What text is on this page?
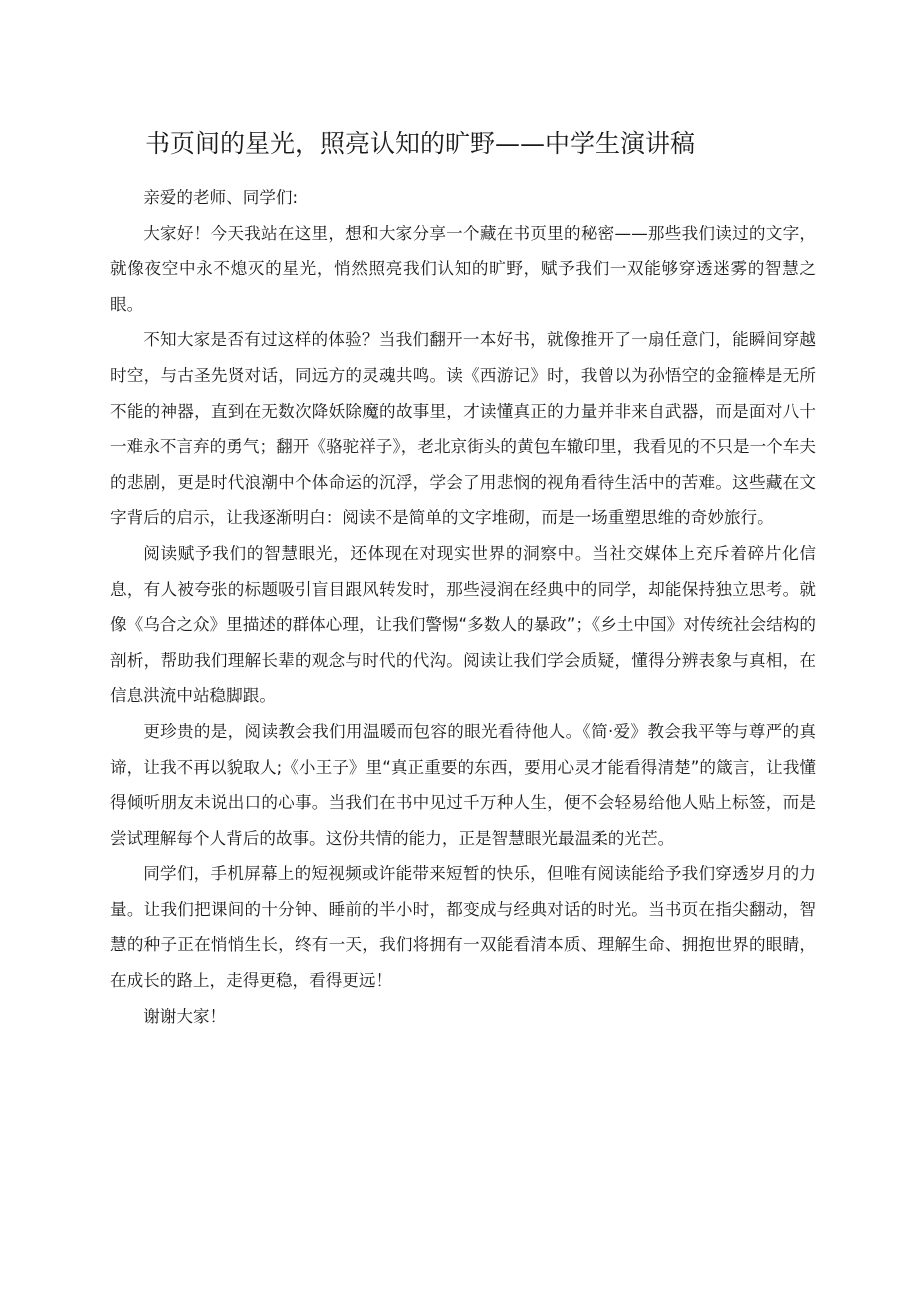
书页间的星光，照亮认知的旷野——中学生演讲稿

亲爱的老师、同学们:

大家好！今天我站在这里，想和大家分享一个藏在书页里的秘密——那些我们读过的文字，就像夜空中永不熄灭的星光，悄然照亮我们认知的旷野，赋予我们一双能够穿透迷雾的智慧之眼。

不知大家是否有过这样的体验？当我们翻开一本好书，就像推开了一扇任意门，能瞬间穿越时空，与古圣先贤对话，同远方的灵魂共鸣。读《西游记》时，我曾以为孙悟空的金箍棒是无所不能的神器，直到在无数次降妖除魔的故事里，才读懂真正的力量并非来自武器，而是面对八十一难永不言弃的勇气；翻开《骆驼祥子》，老北京街头的黄包车辙印里，我看见的不只是一个车夫的悲剧，更是时代浪潮中个体命运的沉浮，学会了用悲悯的视角看待生活中的苦难。这些藏在文字背后的启示，让我逐渐明白：阅读不是简单的文字堆砌，而是一场重塑思维的奇妙旅行。

阅读赋予我们的智慧眼光，还体现在对现实世界的洞察中。当社交媒体上充斥着碎片化信息，有人被夸张的标题吸引盲目跟风转发时，那些浸润在经典中的同学，却能保持独立思考。就像《乌合之众》里描述的群体心理，让我们警惕“多数人的暴政”；《乡土中国》对传统社会结构的剖析，帮助我们理解长辈的观念与时代的代沟。阅读让我们学会质疑，懂得分辨表象与真相，在信息洪流中站稳脚跟。

更珍贵的是，阅读教会我们用温暖而包容的眼光看待他人。《简·爱》教会我平等与尊严的真谛，让我不再以貌取人;《小王子》里“真正重要的东西，要用心灵才能看得清楚”的箴言，让我懂得倾听朋友未说出口的心事。当我们在书中见过千万种人生，便不会轻易给他人贴上标签，而是尝试理解每个人背后的故事。这份共情的能力，正是智慧眼光最温柔的光芒。

同学们，手机屏幕上的短视频或许能带来短暂的快乐，但唯有阅读能给予我们穿透岁月的力量。让我们把课间的十分钟、睡前的半小时，都变成与经典对话的时光。当书页在指尖翻动，智慧的种子正在悄悄生长，终有一天，我们将拥有一双能看清本质、理解生命、拥抱世界的眼睛，在成长的路上，走得更稳，看得更远！

谢谢大家！
